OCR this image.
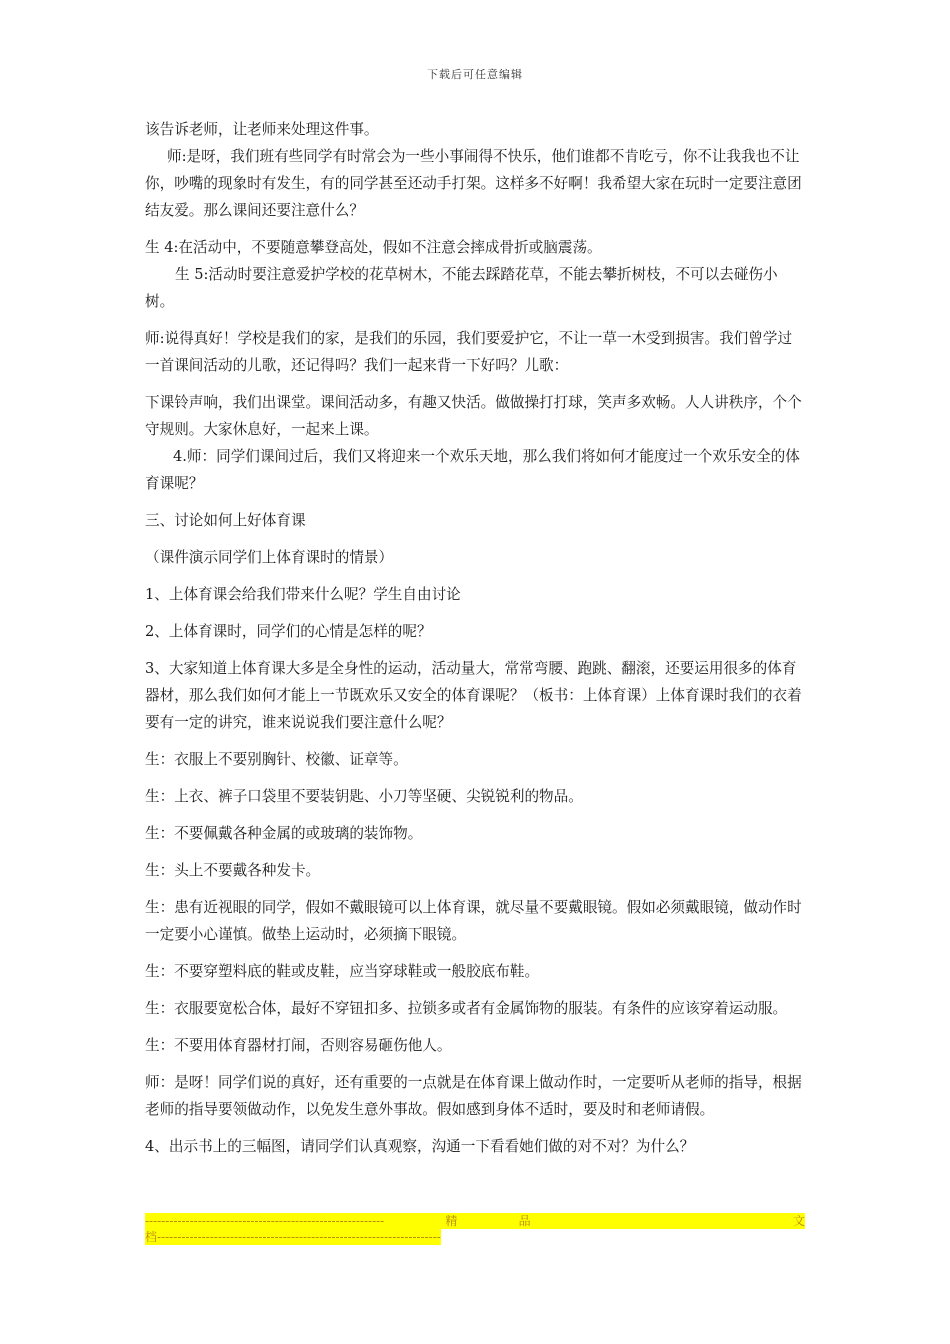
下载后可任意编辑

该告诉老师，让老师来处理这件事。

师:是呀，我们班有些同学有时常会为一些小事闹得不快乐，他们谁都不肯吃亏，你不让我我也不让你，吵嘴的现象时有发生，有的同学甚至还动手打架。这样多不好啊！我希望大家在玩时一定要注意团结友爱。那么课间还要注意什么？

生 4:在活动中，不要随意攀登高处，假如不注意会摔成骨折或脑震荡。

生 5:活动时要注意爱护学校的花草树木，不能去踩踏花草，不能去攀折树枝，不可以去碰伤小树。

师:说得真好！学校是我们的家，是我们的乐园，我们要爱护它，不让一草一木受到损害。我们曾学过一首课间活动的儿歌，还记得吗？我们一起来背一下好吗？儿歌：

下课铃声响，我们出课堂。课间活动多，有趣又快活。做做操打打球，笑声多欢畅。人人讲秩序，个个守规则。大家休息好，一起来上课。

4.师：同学们课间过后，我们又将迎来一个欢乐天地，那么我们将如何才能度过一个欢乐安全的体育课呢？

三、讨论如何上好体育课

（课件演示同学们上体育课时的情景）

1、上体育课会给我们带来什么呢？学生自由讨论

2、上体育课时，同学们的心情是怎样的呢？

3、大家知道上体育课大多是全身性的运动，活动量大，常常弯腰、跑跳、翻滚，还要运用很多的体育器材，那么我们如何才能上一节既欢乐又安全的体育课呢？（板书：上体育课）上体育课时我们的衣着要有一定的讲究，谁来说说我们要注意什么呢？

生：衣服上不要别胸针、校徽、证章等。

生：上衣、裤子口袋里不要装钥匙、小刀等坚硬、尖锐锐利的物品。

生：不要佩戴各种金属的或玻璃的装饰物。

生：头上不要戴各种发卡。

生：患有近视眼的同学，假如不戴眼镜可以上体育课，就尽量不要戴眼镜。假如必须戴眼镜，做动作时一定要小心谨慎。做垫上运动时，必须摘下眼镜。

生：不要穿塑料底的鞋或皮鞋，应当穿球鞋或一般胶底布鞋。

生：衣服要宽松合体，最好不穿钮扣多、拉锁多或者有金属饰物的服装。有条件的应该穿着运动服。

生：不要用体育器材打闹，否则容易砸伤他人。

师：是呀！同学们说的真好，还有重要的一点就是在体育课上做动作时，一定要听从老师的指导，根据老师的指导要领做动作，以免发生意外事故。假如感到身体不适时，要及时和老师请假。

4、出示书上的三幅图，请同学们认真观察，沟通一下看看她们做的对不对？为什么？

-----------------------------------------------------------	精	品	文
档----------------------------------------------------------------------
